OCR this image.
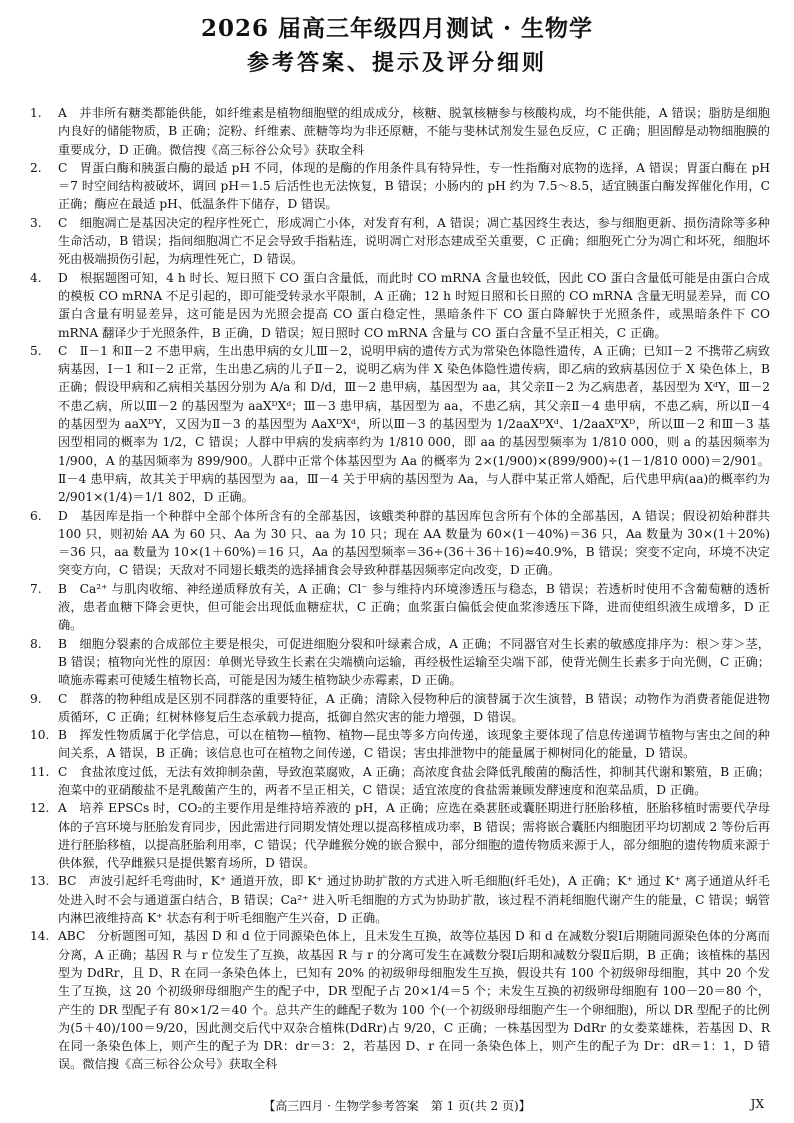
2026 届高三年级四月测试 · 生物学
参考答案、提示及评分细则

1. A　并非所有糖类都能供能，如纤维素是植物细胞壁的组成成分，核糖、脱氧核糖参与核酸构成，均不能供能，A 错误；脂肪是细胞内良好的储能物质，B 正确；淀粉、纤维素、蔗糖等均为非还原糖，不能与斐林试剂发生显色反应，C 正确；胆固醇是动物细胞膜的重要成分，D 正确。微信搜《高三标谷公众号》获取全科

2. C　胃蛋白酶和胰蛋白酶的最适 pH 不同，体现的是酶的作用条件具有特异性，专一性指酶对底物的选择，A 错误；胃蛋白酶在 pH＝7 时空间结构被破坏，调回 pH＝1.5 后活性也无法恢复，B 错误；小肠内的 pH 约为 7.5～8.5，适宜胰蛋白酶发挥催化作用，C 正确；酶应在最适 pH、低温条件下储存，D 错误。

3. C　细胞凋亡是基因决定的程序性死亡，形成凋亡小体，对发育有利，A 错误；凋亡基因终生表达，参与细胞更新、损伤清除等多种生命活动，B 错误；指间细胞凋亡不足会导致手指粘连，说明凋亡对形态建成至关重要，C 正确；细胞死亡分为凋亡和坏死，细胞坏死由极端损伤引起，为病理性死亡，D 错误。

4. D　根据题图可知，4 h 时长、短日照下 CO 蛋白含量低，而此时 CO mRNA 含量也较低，因此 CO 蛋白含量低可能是由蛋白合成的模板 CO mRNA 不足引起的，即可能受转录水平限制，A 正确；12 h 时短日照和长日照的 CO mRNA 含量无明显差异，而 CO 蛋白含量有明显差异，这可能是因为光照会提高 CO 蛋白稳定性，黑暗条件下 CO 蛋白降解快于光照条件，或黑暗条件下 CO mRNA 翻译少于光照条件，B 正确，D 错误；短日照时 CO mRNA 含量与 CO 蛋白含量不呈正相关，C 正确。

5. C　Ⅱ－1 和Ⅱ－2 不患甲病，生出患甲病的女儿Ⅲ－2，说明甲病的遗传方式为常染色体隐性遗传，A 正确；已知Ⅰ－2 不携带乙病致病基因，Ⅰ－1 和Ⅰ－2 正常，生出患乙病的儿子Ⅱ－2，说明乙病为伴 X 染色体隐性遗传病，即乙病的致病基因位于 X 染色体上，B 正确；假设甲病和乙病相关基因分别为 A/a 和 D/d，Ⅲ－2 患甲病，基因型为 aa，其父亲Ⅱ－2 为乙病患者，基因型为 XᵈY，Ⅲ－2 不患乙病，所以Ⅲ－2 的基因型为 aaXᴰXᵈ；Ⅲ－3 患甲病，基因型为 aa，不患乙病，其父亲Ⅱ－4 患甲病，不患乙病，所以Ⅱ－4 的基因型为 aaXᴰY，又因为Ⅱ－3 的基因型为 AaXᴰXᵈ，所以Ⅲ－3 的基因型为 1/2aaXᴰXᵈ、1/2aaXᴰXᴰ，所以Ⅲ－2 和Ⅲ－3 基因型相同的概率为 1/2，C 错误；人群中甲病的发病率约为 1/810 000，即 aa 的基因型频率为 1/810 000，则 a 的基因频率为 1/900，A 的基因频率为 899/900。人群中正常个体基因型为 Aa 的概率为 2×(1/900)×(899/900)÷(1－1/810 000)＝2/901。Ⅱ－4 患甲病，故其关于甲病的基因型为 aa，Ⅲ－4 关于甲病的基因型为 Aa，与人群中某正常人婚配，后代患甲病(aa)的概率约为 2/901×(1/4)＝1/1 802，D 正确。

6. D　基因库是指一个种群中全部个体所含有的全部基因，该蛾类种群的基因库包含所有个体的全部基因，A 错误；假设初始种群共 100 只，则初始 AA 为 60 只、Aa 为 30 只、aa 为 10 只；现在 AA 数量为 60×(1－40%)＝36 只，Aa 数量为 30×(1＋20%)＝36 只，aa 数量为 10×(1＋60%)＝16 只，Aa 的基因型频率＝36÷(36＋36＋16)≈40.9%，B 错误；突变不定向，环境不决定突变方向，C 错误；天敌对不同翅长蛾类的选择捕食会导致种群基因频率定向改变，D 正确。

7. B　Ca²⁺ 与肌肉收缩、神经递质释放有关，A 正确；Cl⁻ 参与维持内环境渗透压与稳态，B 错误；若透析时使用不含葡萄糖的透析液，患者血糖下降会更快，但可能会出现低血糖症状，C 正确；血浆蛋白偏低会使血浆渗透压下降，进而使组织液生成增多，D 正确。

8. B　细胞分裂素的合成部位主要是根尖，可促进细胞分裂和叶绿素合成，A 正确；不同器官对生长素的敏感度排序为：根＞芽＞茎，B 错误；植物向光性的原因：单侧光导致生长素在尖端横向运输，再经极性运输至尖端下部，使背光侧生长素多于向光侧，C 正确；喷施赤霉素可使矮生植物长高，可能是因为矮生植物缺少赤霉素，D 正确。

9. C　群落的物种组成是区别不同群落的重要特征，A 正确；清除入侵物种后的演替属于次生演替，B 错误；动物作为消费者能促进物质循环，C 正确；红树林修复后生态承载力提高，抵御自然灾害的能力增强，D 错误。

10. B　挥发性物质属于化学信息，可以在植物—植物、植物—昆虫等多方向传递，该现象主要体现了信息传递调节植物与害虫之间的种间关系，A 错误，B 正确；该信息也可在植物之间传递，C 错误；害虫排泄物中的能量属于柳树同化的能量，D 错误。

11. C　食盐浓度过低，无法有效抑制杂菌，导致泡菜腐败，A 正确；高浓度食盐会降低乳酸菌的酶活性，抑制其代谢和繁殖，B 正确；泡菜中的亚硝酸盐不是乳酸菌产生的，两者不呈正相关，C 错误；适宜浓度的食盐需兼顾发酵速度和泡菜品质，D 正确。

12. A　培养 EPSCs 时，CO₂的主要作用是维持培养液的 pH，A 正确；应选在桑葚胚或囊胚期进行胚胎移植，胚胎移植时需要代孕母体的子宫环境与胚胎发育同步，因此需进行同期发情处理以提高移植成功率，B 错误；需将嵌合囊胚内细胞团平均切割成 2 等份后再进行胚胎移植，以提高胚胎利用率，C 错误；代孕雌猴分娩的嵌合猴中，部分细胞的遗传物质来源于人，部分细胞的遗传物质来源于供体猴，代孕雌猴只是提供繁育场所，D 错误。

13. BC　声波引起纤毛弯曲时，K⁺ 通道开放，即 K⁺ 通过协助扩散的方式进入听毛细胞(纤毛处)，A 正确；K⁺ 通过 K⁺ 离子通道从纤毛处进入时不会与通道蛋白结合，B 错误；Ca²⁺ 进入听毛细胞的方式为协助扩散，该过程不消耗细胞代谢产生的能量，C 错误；蜗管内淋巴液维持高 K⁺ 状态有利于听毛细胞产生兴奋，D 正确。

14. ABC　分析题图可知，基因 D 和 d 位于同源染色体上，且未发生互换，故等位基因 D 和 d 在减数分裂Ⅰ后期随同源染色体的分离而分离，A 正确；基因 R 与 r 位发生了互换，故基因 R 与 r 的分离可发生在减数分裂Ⅰ后期和减数分裂Ⅱ后期，B 正确；该植株的基因型为 DdRr，且 D、R 在同一条染色体上，已知有 20% 的初级卵母细胞发生互换，假设共有 100 个初级卵母细胞，其中 20 个发生了互换，这 20 个初级卵母细胞产生的配子中，DR 型配子占 20×1/4＝5 个；未发生互换的初级卵母细胞有 100－20＝80 个，产生的 DR 型配子有 80×1/2＝40 个。总共产生的雌配子数为 100 个(一个初级卵母细胞产生一个卵细胞)，所以 DR 型配子的比例为(5＋40)/100＝9/20，因此测交后代中双杂合植株(DdRr)占 9/20，C 正确；一株基因型为 DdRr 的女娄菜雄株，若基因 D、R 在同一条染色体上，则产生的配子为 DR：dr＝3：2，若基因 D、r 在同一条染色体上，则产生的配子为 Dr：dR＝1：1，D 错误。微信搜《高三标谷公众号》获取全科

【高三四月 · 生物学参考答案　第 1 页(共 2 页)】	JX
